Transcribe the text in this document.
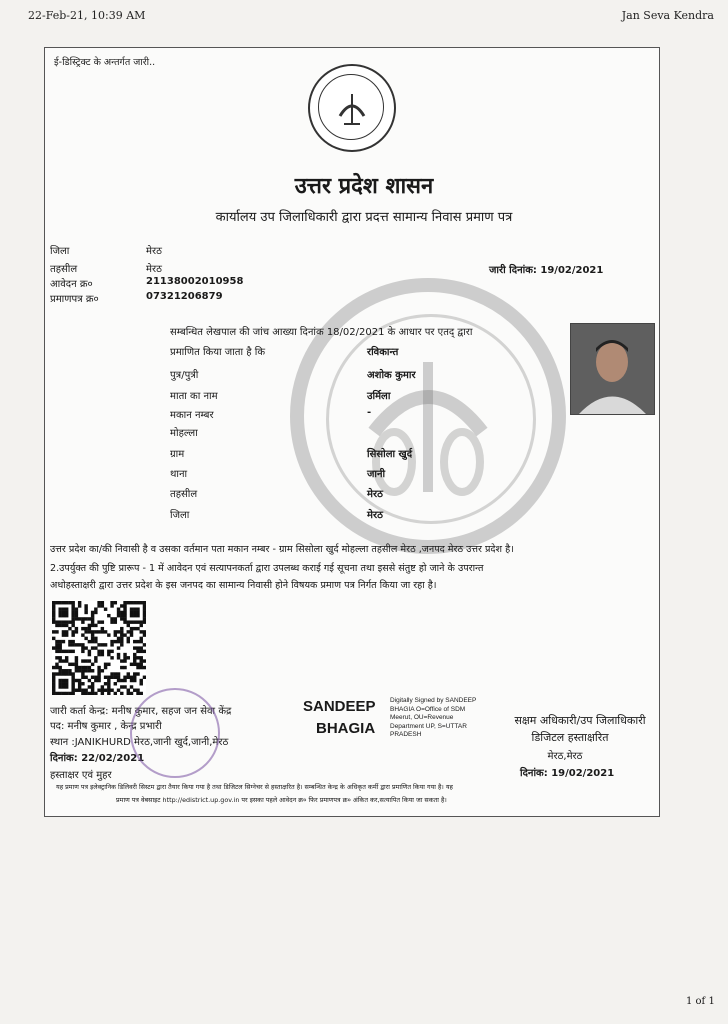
22-Feb-21, 10:39 AM	Jan Seva Kendra
ई-डिस्ट्रिक्ट के अन्तर्गत जारी..
उत्तर प्रदेश शासन
कार्यालय उप जिलाधिकारी द्वारा प्रदत्त सामान्य निवास प्रमाण पत्र
जिला	मेरठ
तहसील	मेरठ
आवेदन क्र०	21138002010958
प्रमाणपत्र क्र०	07321206879
जारी दिनांक: 19/02/2021
सम्बन्धित लेखपाल की जांच आख्या दिनांक 18/02/2021 के आधार पर एतद् द्वारा
प्रमाणित किया जाता है कि	रविकान्त
पुत्र/पुत्री	अशोक कुमार
माता का नाम	उर्मिला
मकान नम्बर	-
मोहल्ला
ग्राम	सिसोला खुर्द
थाना	जानी
तहसील	मेरठ
जिला	मेरठ
उत्तर प्रदेश का/की निवासी है व उसका वर्तमान पता मकान नम्बर - ग्राम सिसोला खुर्द मोहल्ला तहसील मेरठ ,जनपद मेरठ उत्तर प्रदेश है।
2.उपर्युक्त की पुष्टि प्रारूप - 1 में आवेदन एवं सत्यापनकर्ता द्वारा उपलब्ध कराई गई सूचना तथा इससे संतुष्ट हो जाने के उपरान्त
अधोहस्ताक्षरी द्वारा उत्तर प्रदेश के इस जनपद का सामान्य निवासी होने विषयक प्रमाण पत्र निर्गत किया जा रहा है।
जारी कर्ता केन्द्र: मनीष कुमार, सहज जन सेवा केंद्र
पद: मनीष कुमार , केन्द्र प्रभारी
स्थान :JANIKHURD मेरठ,जानी खुर्द,जानी,मेरठ
दिनांक: 22/02/2021
हस्ताक्षर एवं मुहर
SANDEEP
BHAGIA
Digitally Signed by SANDEEP
BHAGIA O=Office of SDM
Meerut, OU=Revenue
Department UP, S=UTTAR
PRADESH
सक्षम अधिकारी/उप जिलाधिकारी
डिजिटल हस्ताक्षरित
मेरठ,मेरठ
दिनांक: 19/02/2021
यह प्रमाण पत्र इलेक्ट्रानिक डिलिवरी सिस्टम द्वारा तैयार किया गया है तथा डिजिटल सिग्नेचर से हस्ताक्षरित है। सम्बन्धित केन्द्र के अधिकृत कर्मी द्वारा प्रमाणित किया गया है। यह
प्रमाण पत्र वेबसाइट http://edistrict.up.gov.in पर इसका पहले आवेदन क्र० फिर प्रमाणपत्र क्र० अंकित कर,सत्यापित किया जा सकता है।
1 of 1
